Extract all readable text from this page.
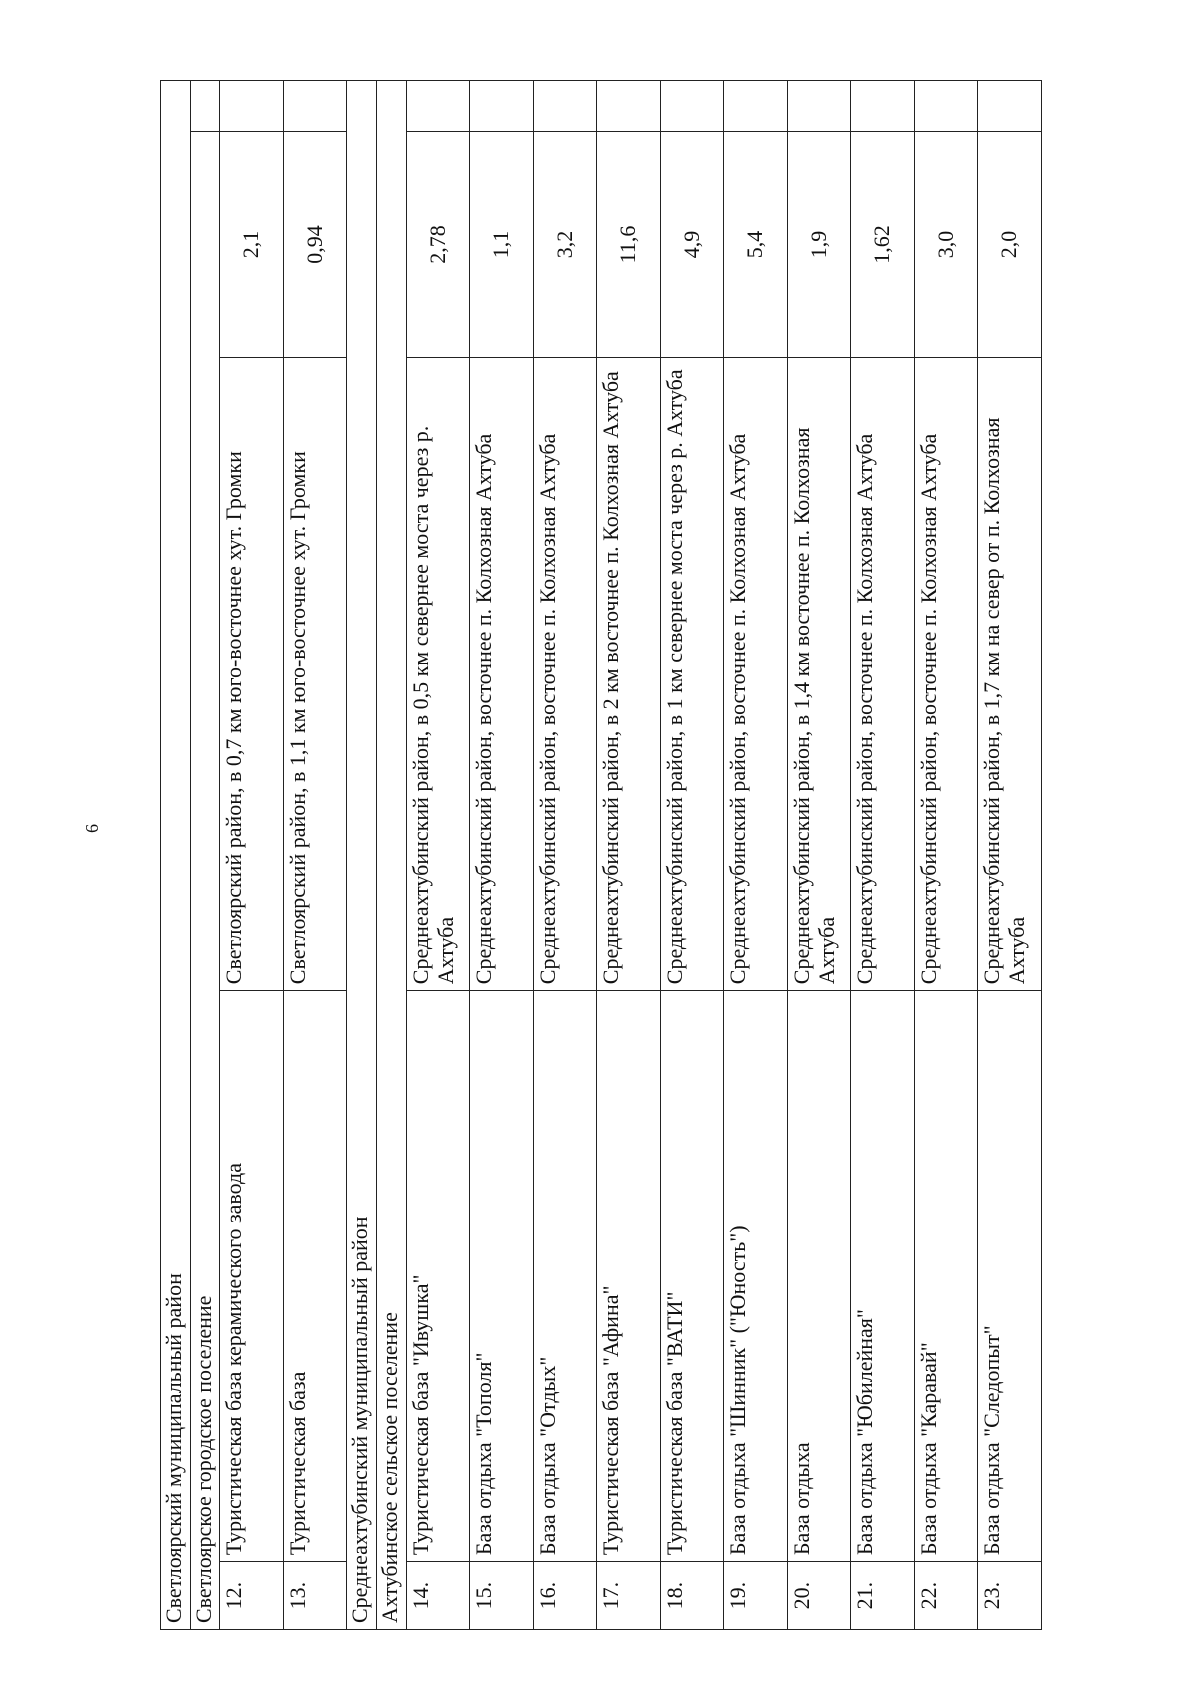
6
Светлоярский муниципальный район				
Светлоярское городское поселение				
12.	Туристическая база керамического завода	Светлоярский район, в 0,7 км юго-восточнее хут. Громки	2,1	
13.	Туристическая база	Светлоярский район, в 1,1 км юго-восточнее хут. Громки	0,94	
Среднеахтубинский муниципальный район				
Ахтубинское сельское поселение				
14.	Туристическая база "Ивушка"	Среднеахтубинский район, в 0,5 км севернее моста через р. Ахтуба	2,78	
15.	База отдыха "Тополя"	Среднеахтубинский район, восточнее п. Колхозная Ахтуба	1,1	
16.	База отдыха "Отдых"	Среднеахтубинский район, восточнее п. Колхозная Ахтуба	3,2	
17.	Туристическая база "Афина"	Среднеахтубинский район, в 2 км восточнее п. Колхозная Ахтуба	11,6	
18.	Туристическая база "ВАТИ"	Среднеахтубинский район, в 1 км севернее моста через р. Ахтуба	4,9	
19.	База отдыха "Шинник" ("Юность")	Среднеахтубинский район, восточнее п. Колхозная Ахтуба	5,4	
20.	База отдыха	Среднеахтубинский район, в 1,4 км восточнее п. Колхозная Ахтуба	1,9	
21.	База отдыха "Юбилейная"	Среднеахтубинский район, восточнее п. Колхозная Ахтуба	1,62	
22.	База отдыха "Каравай"	Среднеахтубинский район, восточнее п. Колхозная Ахтуба	3,0	
23.	База отдыха "Следопыт"	Среднеахтубинский район, в 1,7 км на север от п. Колхозная Ахтуба	2,0	
